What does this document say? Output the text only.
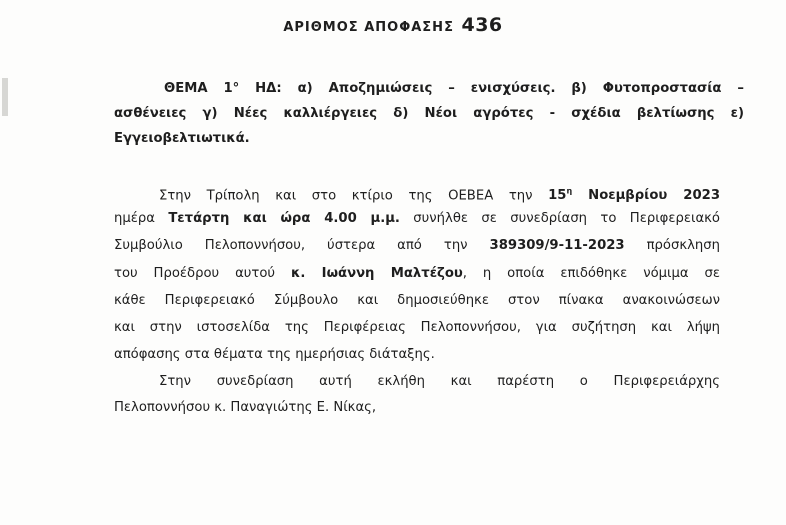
ΑΡΙΘΜΟΣ ΑΠΟΦΑΣΗΣ 436
ΘΕΜΑ 1° ΗΔ: α) Αποζημιώσεις – ενισχύσεις. β) Φυτοπροστασία –
ασθένειες γ) Νέες καλλιέργειες δ) Νέοι αγρότες - σχέδια βελτίωσης ε)
Εγγειοβελτιωτικά.
Στην Τρίπολη και στο κτίριο της ΟΕΒΕΑ την $15^\eta$ Νοεμβρίου 2023
ημέρα Τετάρτη και ώρα 4.00 μ.μ. συνήλθε σε συνεδρίαση το Περιφερειακό
Συμβούλιο Πελοποννήσου, ύστερα από την 389309/9-11-2023 πρόσκληση
του Προέδρου αυτού κ. Ιωάννη Μαλτέζου, η οποία επιδόθηκε νόμιμα σε
κάθε Περιφερειακό Σύμβουλο και δημοσιεύθηκε στον πίνακα ανακοινώσεων
και στην ιστοσελίδα της Περιφέρειας Πελοποννήσου, για συζήτηση και λήψη
απόφασης στα θέματα της ημερήσιας διάταξης.
Στην συνεδρίαση αυτή εκλήθη και παρέστη ο Περιφερειάρχης
Πελοποννήσου κ. Παναγιώτης Ε. Νίκας,
